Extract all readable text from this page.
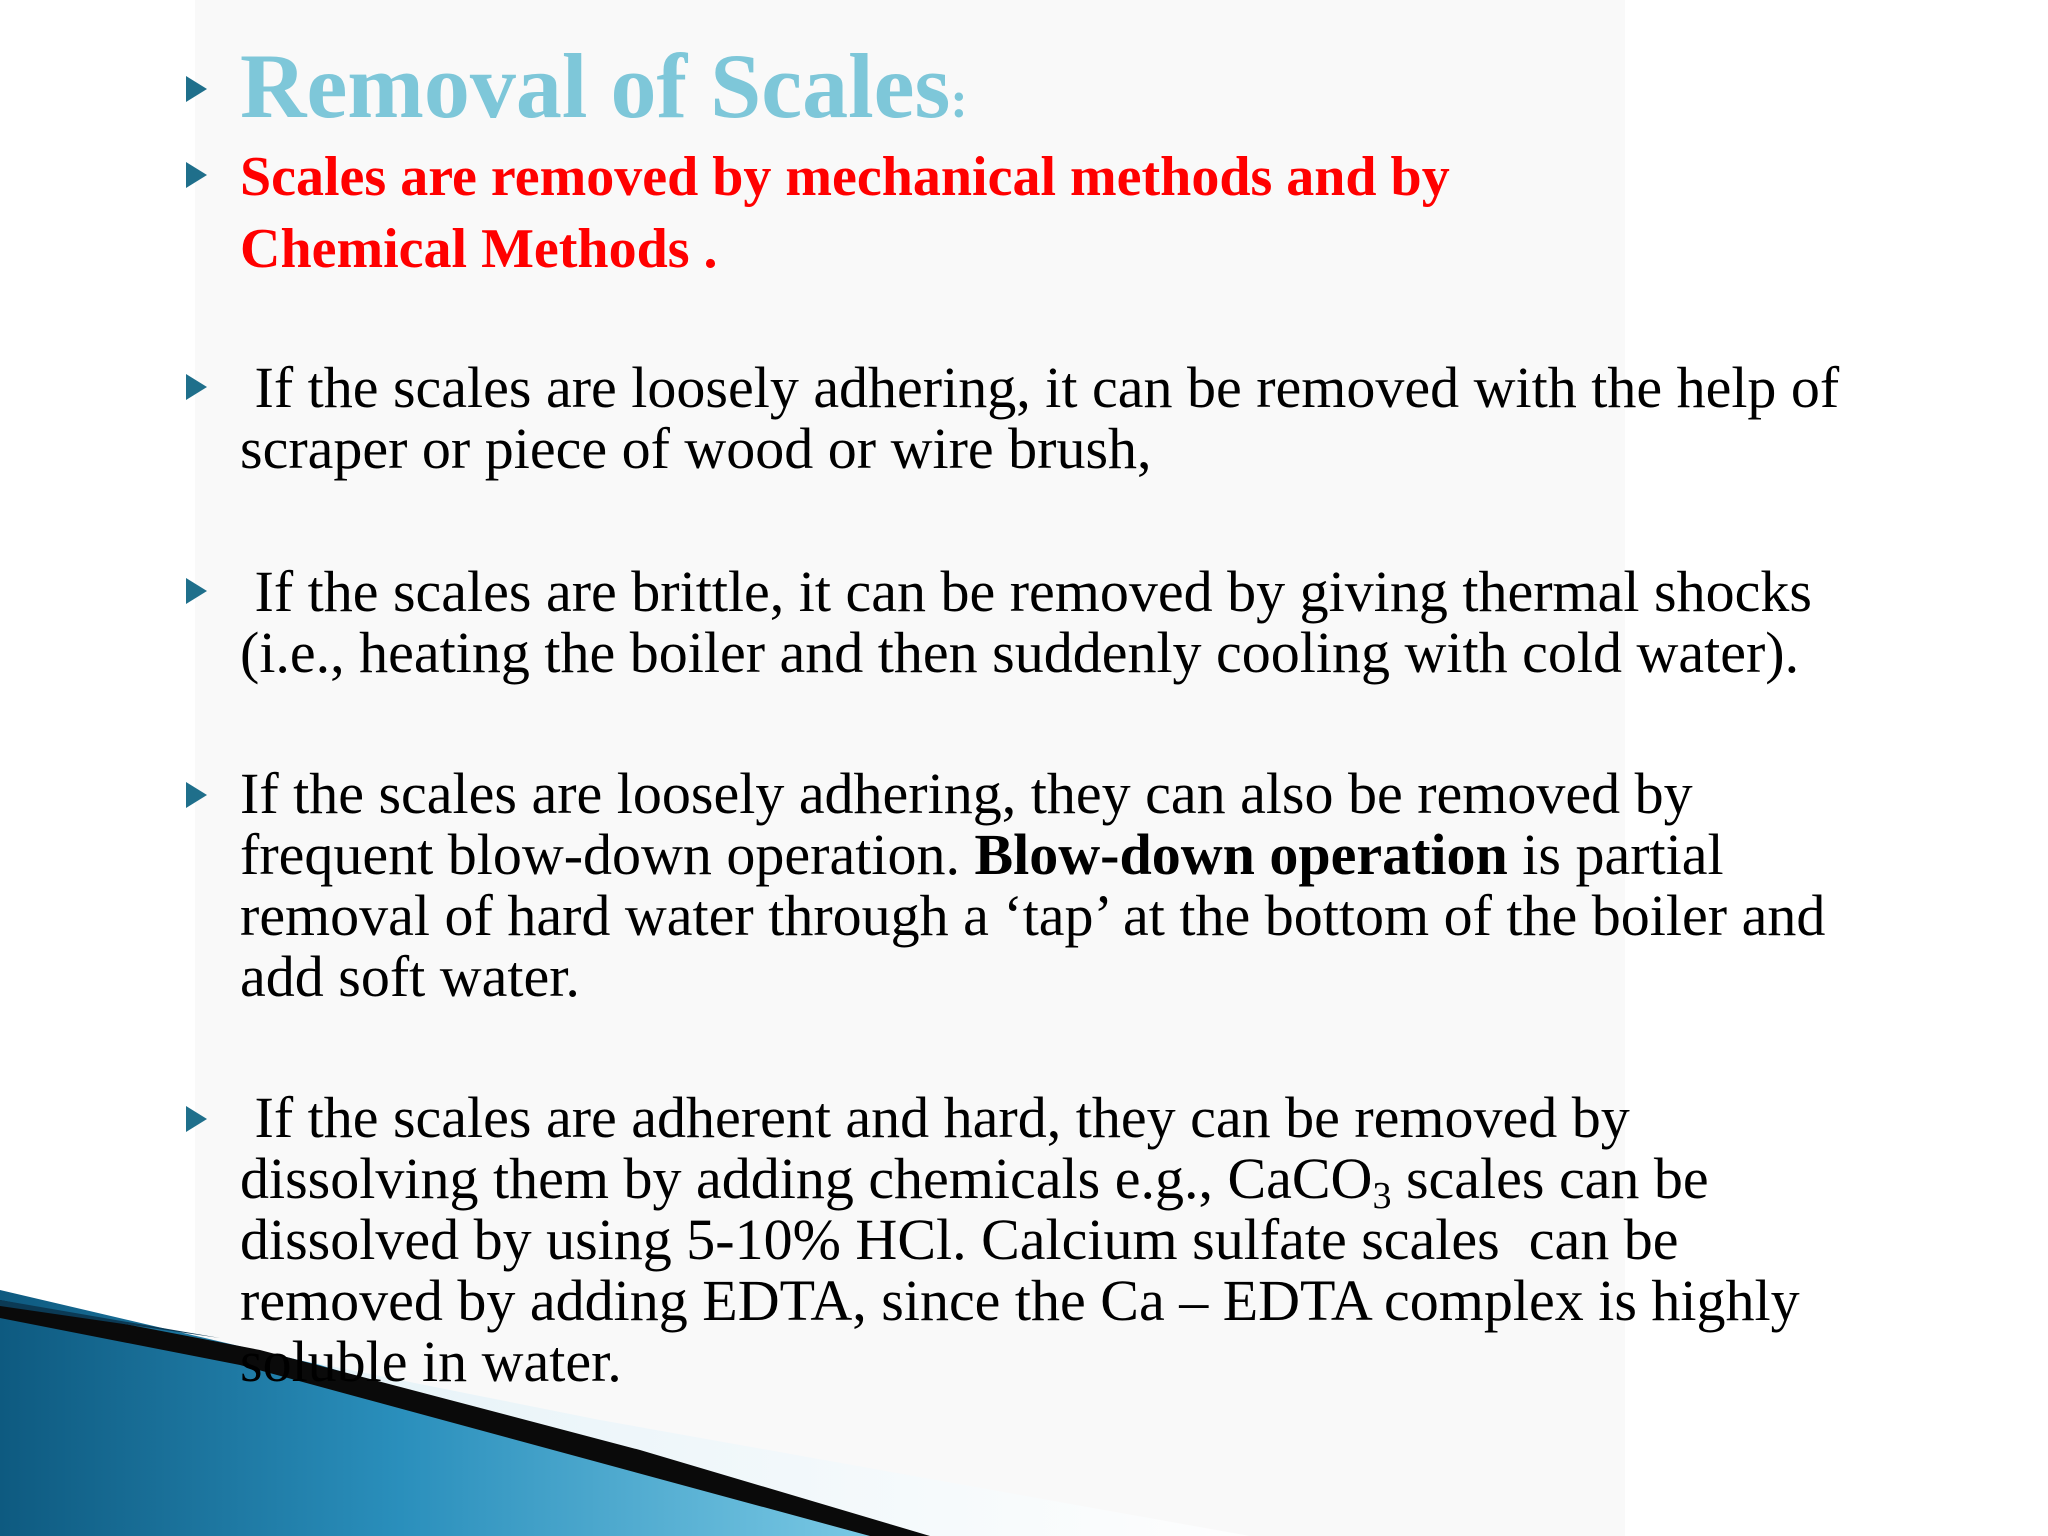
Removal of Scales:
Scales are removed by mechanical methods and by
Chemical Methods .
If the scales are loosely adhering, it can be removed with the help of
scraper or piece of wood or wire brush,
If the scales are brittle, it can be removed by giving thermal shocks
(i.e., heating the boiler and then suddenly cooling with cold water).
If the scales are loosely adhering, they can also be removed by
frequent blow-down operation. Blow-down operation is partial
removal of hard water through a ‘tap’ at the bottom of the boiler and
add soft water.
If the scales are adherent and hard, they can be removed by
dissolving them by adding chemicals e.g., CaCO$_3$ scales can be
dissolved by using 5-10% HCl. Calcium sulfate scales  can be
removed by adding EDTA, since the Ca – EDTA complex is highly
soluble in water.
